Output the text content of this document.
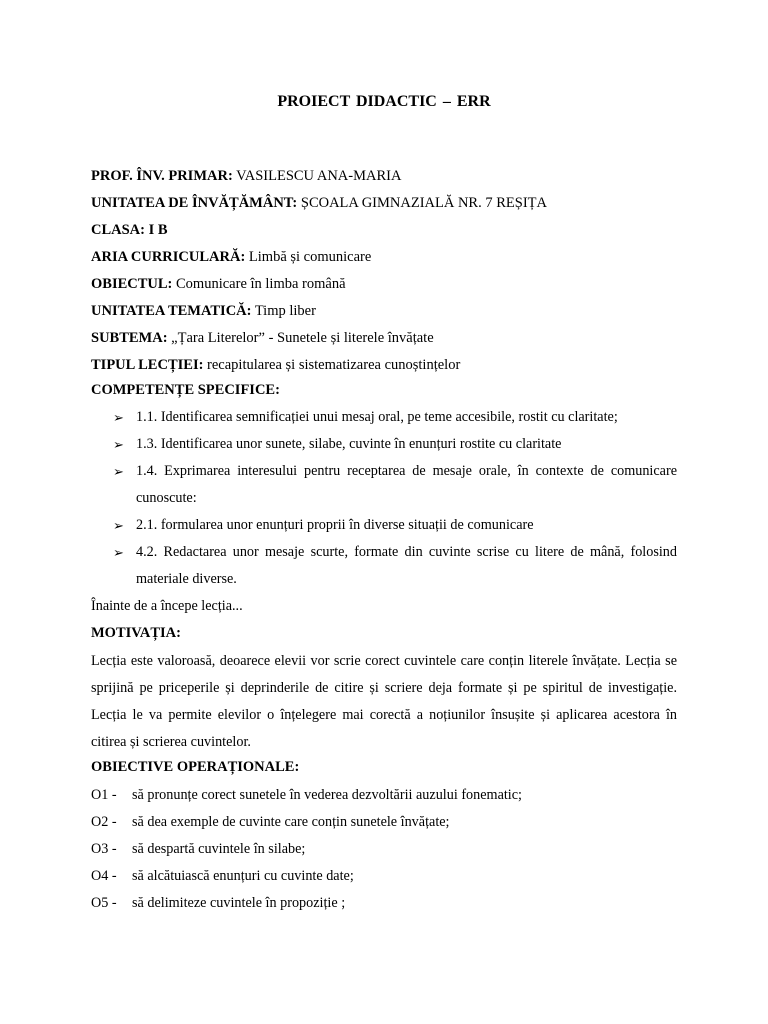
PROIECT DIDACTIC – ERR
PROF. ÎNV. PRIMAR: VASILESCU ANA-MARIA
UNITATEA DE ÎNVĂȚĂMÂNT: ȘCOALA GIMNAZIALĂ NR. 7 REȘIȚA
CLASA: I B
ARIA CURRICULARĂ: Limbă și comunicare
OBIECTUL: Comunicare în limba română
UNITATEA TEMATICĂ: Timp liber
SUBTEMA: „Țara Literelor” - Sunetele și literele învățate
TIPUL LECȚIEI: recapitularea și sistematizarea cunoștințelor
COMPETENȚE SPECIFICE:
➢ 1.1. Identificarea semnificației unui mesaj oral, pe teme accesibile, rostit cu claritate;
➢ 1.3. Identificarea unor sunete, silabe, cuvinte în enunțuri rostite cu claritate
➢ 1.4. Exprimarea interesului pentru receptarea de mesaje orale, în contexte de comunicare cunoscute:
➢ 2.1. formularea unor enunțuri proprii în diverse situații de comunicare
➢ 4.2. Redactarea unor mesaje scurte, formate din cuvinte scrise cu litere de mână, folosind materiale diverse.
Înainte de a începe lecția...
MOTIVAȚIA:
Lecția este valoroasă, deoarece elevii vor scrie corect cuvintele care conțin literele învățate. Lecția se sprijină pe priceperile și deprinderile de citire și scriere deja formate și pe spiritul de investigație. Lecția le va permite elevilor o înțelegere mai corectă a noțiunilor însușite și aplicarea acestora în citirea și scrierea cuvintelor.
OBIECTIVE OPERAȚIONALE:
O1 - să pronunțe corect sunetele în vederea dezvoltării auzului fonematic;
O2 - să dea exemple de cuvinte care conțin sunetele învățate;
O3 - să despartă cuvintele în silabe;
O4 - să alcătuiască enunțuri cu cuvinte date;
O5 - să delimiteze cuvintele în propoziție ;
